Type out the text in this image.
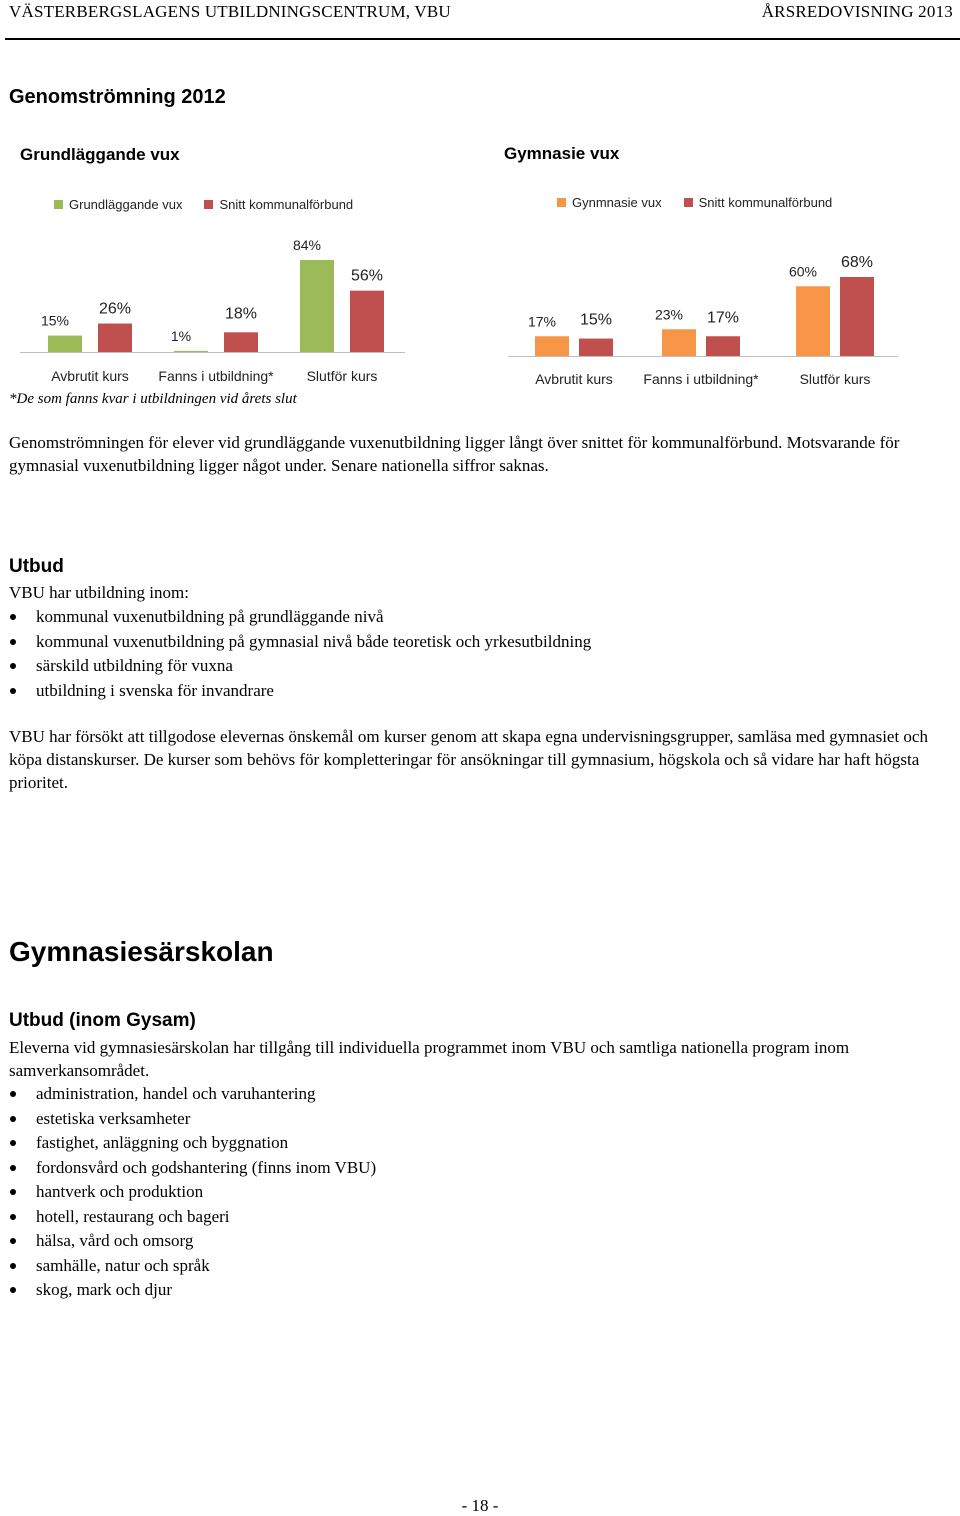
VÄSTERBERGSLAGENS UTBILDNINGSCENTRUM, VBU	ÅRSREDOVISNING 2013
Genomströmning 2012
Grundläggande vux
Grundläggande vux	Snitt kommunalförbund
15%
26%
Avbrutit kurs
1%
18%
Fanns i utbildning*
84%
56%
Slutför kurs
Gymnasie vux
Gynmnasie vux	Snitt kommunalförbund
17% 15%
Avbrutit kurs
23% 17%
Fanns i utbildning*
60%
68%
Slutför kurs
*De som fanns kvar i utbildningen vid årets slut
Genomströmningen för elever vid grundläggande vuxenutbildning ligger långt över snittet för kommunalförbund. Motsvarande för gymnasial vuxenutbildning ligger något under. Senare nationella siffror saknas.
Utbud
VBU har utbildning inom:
kommunal vuxenutbildning på grundläggande nivå
kommunal vuxenutbildning på gymnasial nivå både teoretisk och yrkesutbildning
särskild utbildning för vuxna
utbildning i svenska för invandrare
VBU har försökt att tillgodose elevernas önskemål om kurser genom att skapa egna undervisningsgrupper, samläsa med gymnasiet och köpa distanskurser. De kurser som behövs för kompletteringar för ansökningar till gymnasium, högskola och så vidare har haft högsta prioritet.
Gymnasiesärskolan
Utbud (inom Gysam)
Eleverna vid gymnasiesärskolan har tillgång till individuella programmet inom VBU och samtliga nationella program inom samverkansområdet.
administration, handel och varuhantering
estetiska verksamheter
fastighet, anläggning och byggnation
fordonsvård och godshantering (finns inom VBU)
hantverk och produktion
hotell, restaurang och bageri
hälsa, vård och omsorg
samhälle, natur och språk
skog, mark och djur
- 18 -
